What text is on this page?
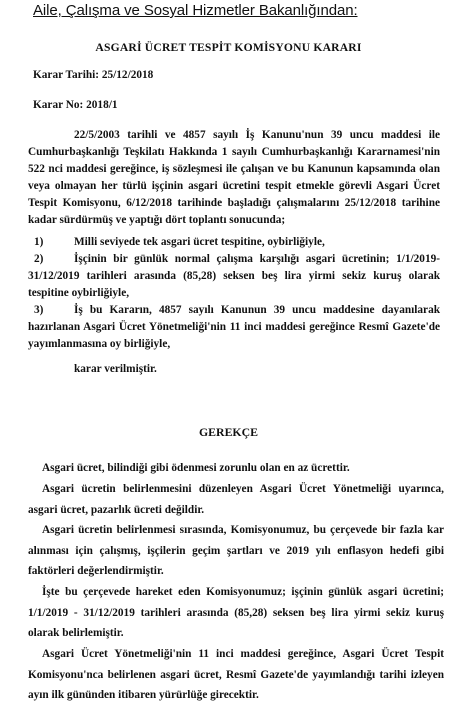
Aile, Çalışma ve Sosyal Hizmetler Bakanlığından:
ASGARİ ÜCRET TESPİT KOMİSYONU KARARI
Karar Tarihi: 25/12/2018
Karar No: 2018/1
22/5/2003 tarihli ve 4857 sayılı İş Kanunu'nun 39 uncu maddesi ile Cumhurbaşkanlığı Teşkilatı Hakkında 1 sayılı Cumhurbaşkanlığı Kararnamesi'nin 522 nci maddesi gereğince, iş sözleşmesi ile çalışan ve bu Kanunun kapsamında olan veya olmayan her türlü işçinin asgari ücretini tespit etmekle görevli Asgari Ücret Tespit Komisyonu, 6/12/2018 tarihinde başladığı çalışmalarını 25/12/2018 tarihine kadar sürdürmüş ve yaptığı dört toplantı sonucunda;
1)	Milli seviyede tek asgari ücret tespitine, oybirliğiyle,
2)	İşçinin bir günlük normal çalışma karşılığı asgari ücretinin; 1/1/2019-31/12/2019 tarihleri arasında (85,28) seksen beş lira yirmi sekiz kuruş olarak tespitine oybirliğiyle,
3)	İş bu Kararın, 4857 sayılı Kanunun 39 uncu maddesine dayanılarak hazırlanan Asgari Ücret Yönetmeliği'nin 11 inci maddesi gereğince Resmî Gazete'de yayımlanmasına oy birliğiyle,
karar verilmiştir.
GEREKÇE
Asgari ücret, bilindiği gibi ödenmesi zorunlu olan en az ücrettir.
Asgari ücretin belirlenmesini düzenleyen Asgari Ücret Yönetmeliği uyarınca, asgari ücret, pazarlık ücreti değildir.
Asgari ücretin belirlenmesi sırasında, Komisyonumuz, bu çerçevede bir fazla kar alınması için çalışmış, işçilerin geçim şartları ve 2019 yılı enflasyon hedefi gibi faktörleri değerlendirmiştir.
İşte bu çerçevede hareket eden Komisyonumuz; işçinin günlük asgari ücretini; 1/1/2019 - 31/12/2019 tarihleri arasında (85,28) seksen beş lira yirmi sekiz kuruş olarak belirlemiştir.
Asgari Ücret Yönetmeliği'nin 11 inci maddesi gereğince, Asgari Ücret Tespit Komisyonu'nca belirlenen asgari ücret, Resmî Gazete'de yayımlandığı tarihi izleyen ayın ilk gününden itibaren yürürlüğe girecektir.
